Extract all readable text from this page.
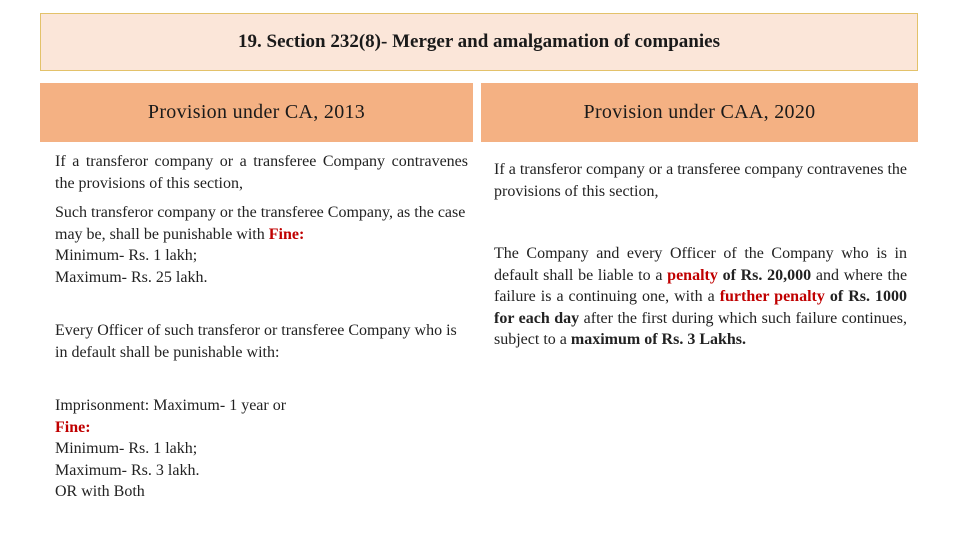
19. Section 232(8)- Merger and amalgamation of companies
Provision under CA, 2013	Provision under CAA, 2020

If a transferor company or a transferee Company contravenes the provisions of this section,

Such transferor company or the transferee Company, as the case may be, shall be punishable with Fine:

Minimum- Rs. 1 lakh;

Maximum- Rs. 25 lakh.

Every Officer of such transferor or transferee Company who is in default shall be punishable with:

Imprisonment: Maximum- 1 year or

Fine:

Minimum- Rs. 1 lakh;

Maximum- Rs. 3 lakh.

OR with Both

If a transferor company or a transferee company contravenes the provisions of this section,

The Company and every Officer of the Company who is in default shall be liable to a penalty of Rs. 20,000 and where the failure is a continuing one, with a further penalty of Rs. 1000 for each day after the first during which such failure continues, subject to a maximum of Rs. 3 Lakhs.
